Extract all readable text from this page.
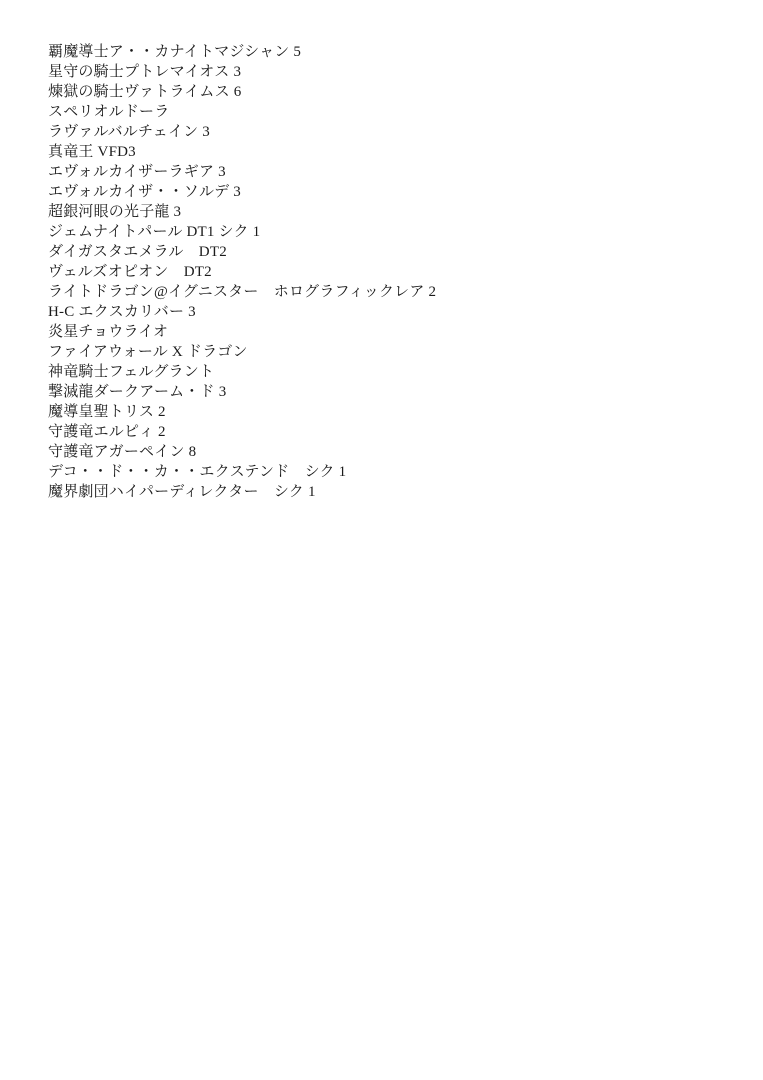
覇魔導士ア・・カナイトマジシャン 5
星守の騎士プトレマイオス 3
煉獄の騎士ヴァトライムス 6
スペリオルドーラ
ラヴァルバルチェイン 3
真竜王 VFD3
エヴォルカイザーラギア 3
エヴォルカイザ・・ソルデ 3
超銀河眼の光子龍 3
ジェムナイトパール DT1 シク 1
ダイガスタエメラル　DT2
ヴェルズオピオン　DT2
ライトドラゴン@イグニスター　ホログラフィックレア 2
H-C エクスカリバー 3
炎星チョウライオ
ファイアウォール X ドラゴン
神竜騎士フェルグラント
撃滅龍ダークアーム・ド 3
魔導皇聖トリス 2
守護竜エルピィ 2
守護竜アガーペイン 8
デコ・・ド・・カ・・エクステンド　シク 1
魔界劇団ハイパーディレクター　シク 1
